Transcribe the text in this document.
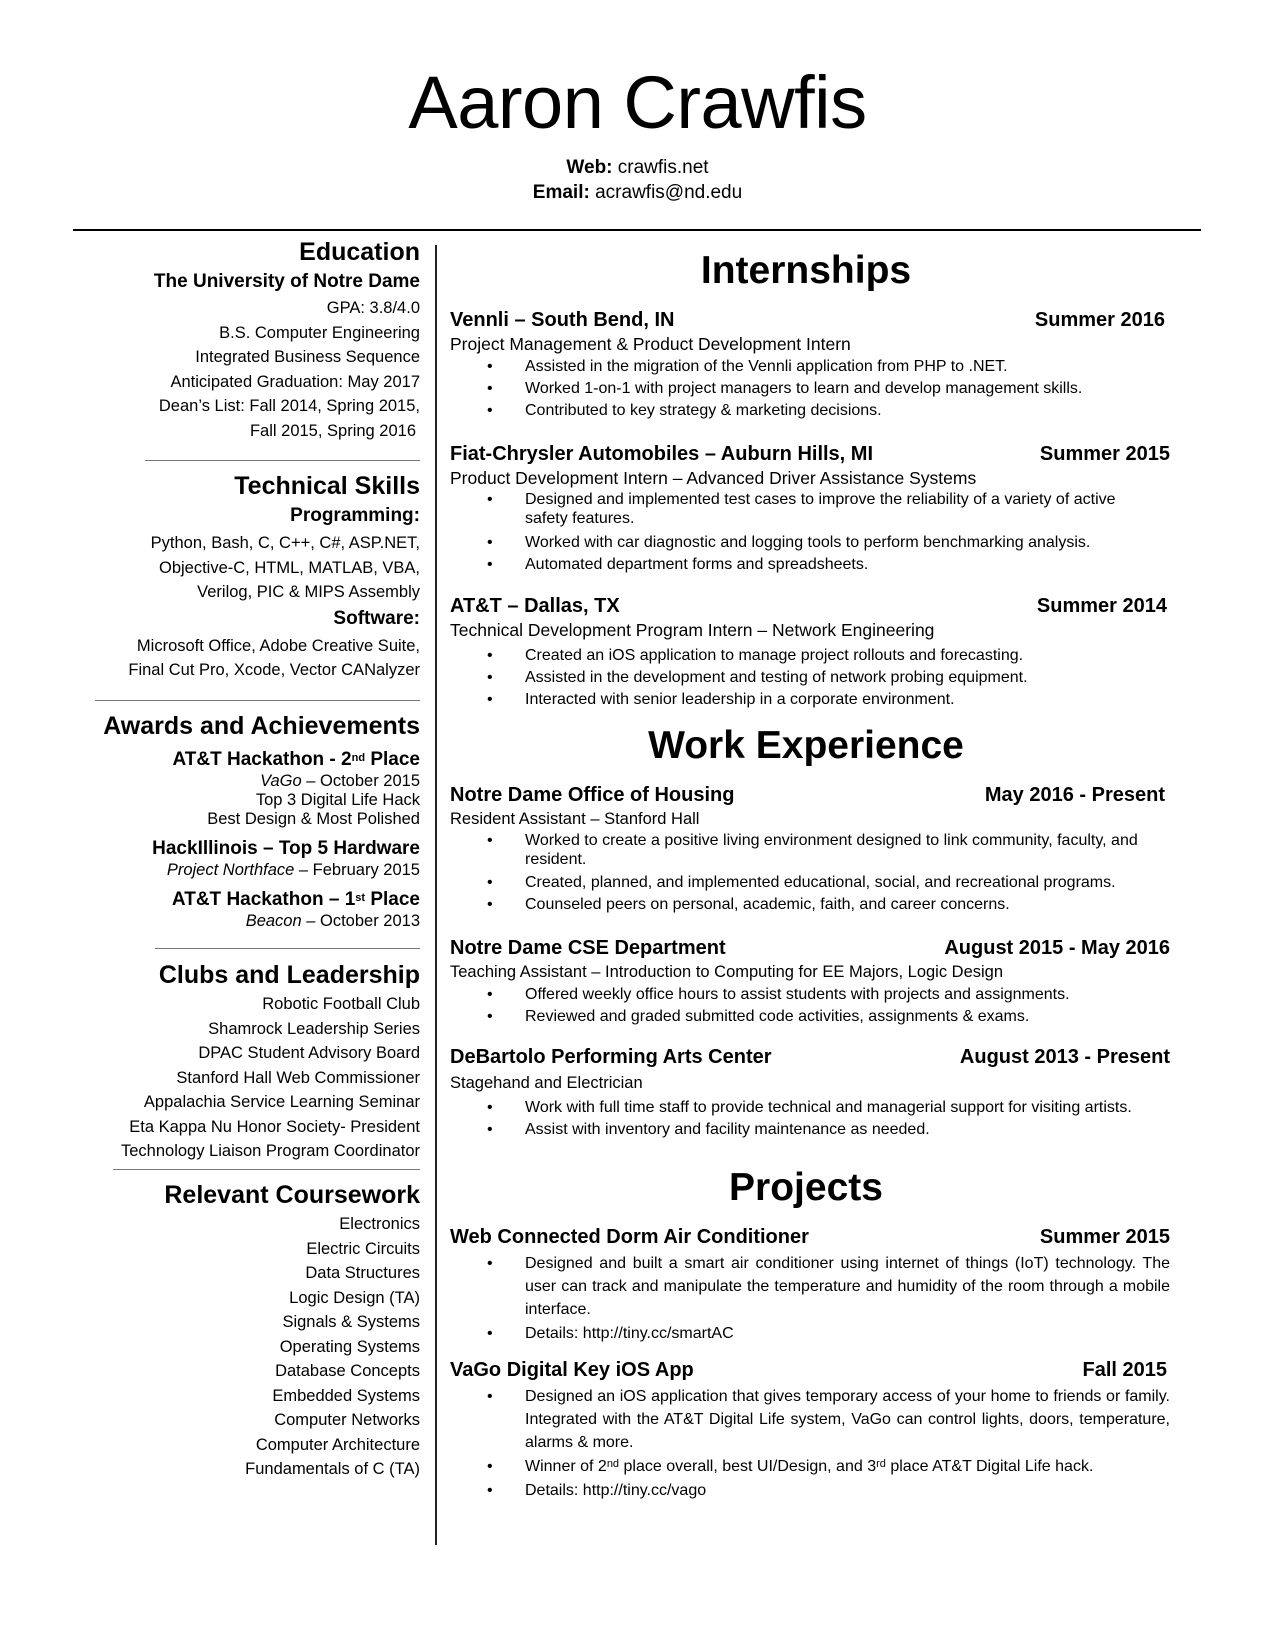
Aaron Crawfis
Web: crawfis.net
Email: acrawfis@nd.edu
Education
The University of Notre Dame
GPA: 3.8/4.0
B.S. Computer Engineering
Integrated Business Sequence
Anticipated Graduation: May 2017
Dean’s List: Fall 2014, Spring 2015,
Fall 2015, Spring 2016
Technical Skills
Programming:
Python, Bash, C, C++, C#, ASP.NET,
Objective-C, HTML, MATLAB, VBA,
Verilog, PIC & MIPS Assembly
Software:
Microsoft Office, Adobe Creative Suite,
Final Cut Pro, Xcode, Vector CANalyzer
Awards and Achievements
AT&T Hackathon - 2nd Place
VaGo – October 2015
Top 3 Digital Life Hack
Best Design & Most Polished
HackIllinois – Top 5 Hardware
Project Northface – February 2015
AT&T Hackathon – 1st Place
Beacon – October 2013
Clubs and Leadership
Robotic Football Club
Shamrock Leadership Series
DPAC Student Advisory Board
Stanford Hall Web Commissioner
Appalachia Service Learning Seminar
Eta Kappa Nu Honor Society- President
Technology Liaison Program Coordinator
Relevant Coursework
Electronics
Electric Circuits
Data Structures
Logic Design (TA)
Signals & Systems
Operating Systems
Database Concepts
Embedded Systems
Computer Networks
Computer Architecture
Fundamentals of C (TA)
Internships
Vennli – South Bend, IN	Summer 2016
Project Management & Product Development Intern
• Assisted in the migration of the Vennli application from PHP to .NET.
• Worked 1-on-1 with project managers to learn and develop management skills.
• Contributed to key strategy & marketing decisions.
Fiat-Chrysler Automobiles – Auburn Hills, MI	Summer 2015
Product Development Intern – Advanced Driver Assistance Systems
• Designed and implemented test cases to improve the reliability of a variety of active safety features.
• Worked with car diagnostic and logging tools to perform benchmarking analysis.
• Automated department forms and spreadsheets.
AT&T – Dallas, TX	Summer 2014
Technical Development Program Intern – Network Engineering
• Created an iOS application to manage project rollouts and forecasting.
• Assisted in the development and testing of network probing equipment.
• Interacted with senior leadership in a corporate environment.
Work Experience
Notre Dame Office of Housing	May 2016 - Present
Resident Assistant – Stanford Hall
• Worked to create a positive living environment designed to link community, faculty, and resident.
• Created, planned, and implemented educational, social, and recreational programs.
• Counseled peers on personal, academic, faith, and career concerns.
Notre Dame CSE Department	August 2015 - May 2016
Teaching Assistant – Introduction to Computing for EE Majors, Logic Design
• Offered weekly office hours to assist students with projects and assignments.
• Reviewed and graded submitted code activities, assignments & exams.
DeBartolo Performing Arts Center	August 2013 - Present
Stagehand and Electrician
• Work with full time staff to provide technical and managerial support for visiting artists.
• Assist with inventory and facility maintenance as needed.
Projects
Web Connected Dorm Air Conditioner	Summer 2015
• Designed and built a smart air conditioner using internet of things (IoT) technology. The user can track and manipulate the temperature and humidity of the room through a mobile interface.
• Details: http://tiny.cc/smartAC
VaGo Digital Key iOS App	Fall 2015
• Designed an iOS application that gives temporary access of your home to friends or family. Integrated with the AT&T Digital Life system, VaGo can control lights, doors, temperature, alarms & more.
• Winner of 2nd place overall, best UI/Design, and 3rd place AT&T Digital Life hack.
• Details: http://tiny.cc/vago
